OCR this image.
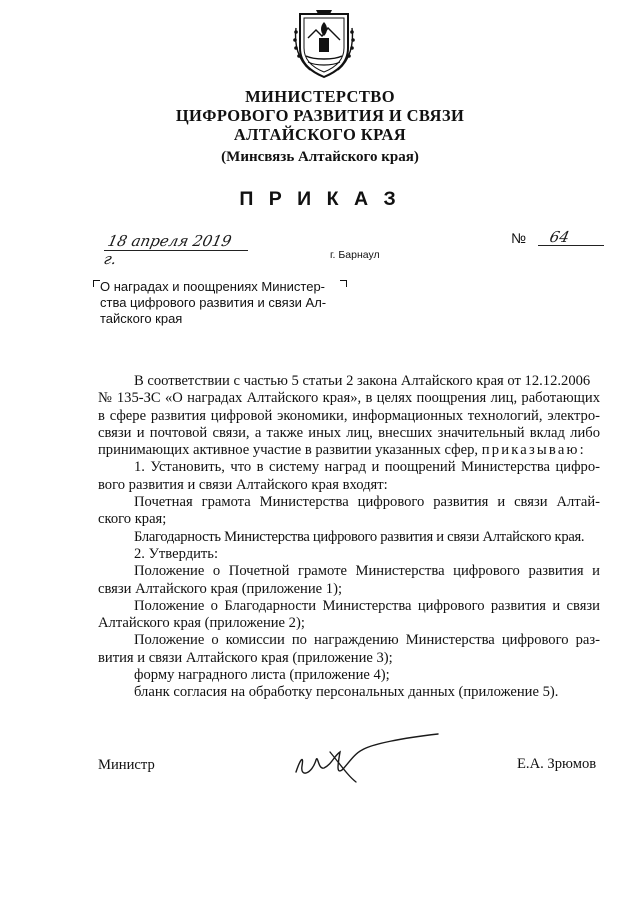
МИНИСТЕРСТВО
ЦИФРОВОГО РАЗВИТИЯ И СВЯЗИ
АЛТАЙСКОГО КРАЯ
(Минсвязь Алтайского края)
П Р И К А З
18 апреля 2019 г.	г. Барнаул
№ 64
О наградах и поощрениях Министер-
ства цифрового развития и связи Ал-
тайского края
В соответствии с частью 5 статьи 2 закона Алтайского края от 12.12.2006
№ 135-ЗС «О наградах Алтайского края», в целях поощрения лиц, работающих
в сфере развития цифровой экономики, информационных технологий, электро-
связи и почтовой связи, а также иных лиц, внесших значительный вклад либо
принимающих активное участие в развитии указанных сфер, приказываю:
1. Установить, что в систему наград и поощрений Министерства цифро-
вого развития и связи Алтайского края входят:
Почетная грамота Министерства цифрового развития и связи Алтай-
ского края;
Благодарность Министерства цифрового развития и связи Алтайского края.
2. Утвердить:
Положение о Почетной грамоте Министерства цифрового развития и
связи Алтайского края (приложение 1);
Положение о Благодарности Министерства цифрового развития и связи
Алтайского края (приложение 2);
Положение о комиссии по награждению Министерства цифрового раз-
вития и связи Алтайского края (приложение 3);
форму наградного листа (приложение 4);
бланк согласия на обработку персональных данных (приложение 5).
Министр	Е.А. Зрюмов
